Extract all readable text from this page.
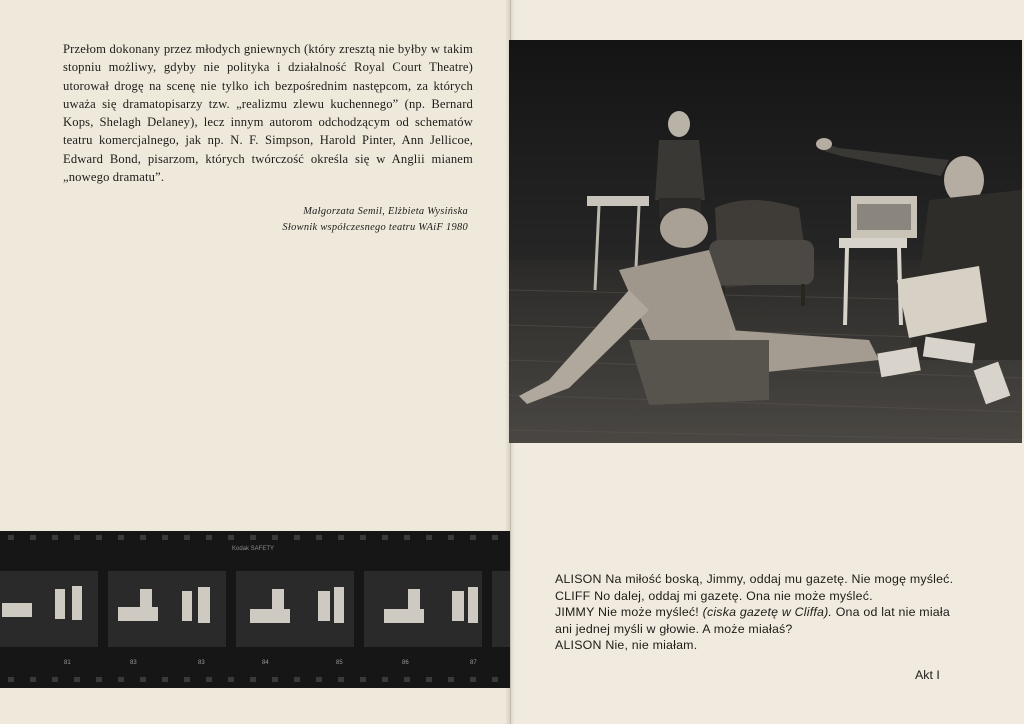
Przełom dokonany przez młodych gniewnych (który zresztą nie byłby w takim stopniu możliwy, gdyby nie polityka i działalność Royal Court Theatre) utorował drogę na scenę nie tylko ich bezpośrednim następcom, za których uważa się dramatopisarzy tzw. „realizmu zlewu kuchennego” (np. Bernard Kops, Shelagh Delaney), lecz innym autorom odchodzącym od schematów teatru komercjalnego, jak np. N. F. Simpson, Harold Pinter, Ann Jellicoe, Edward Bond, pisarzom, których twórczość określa się w Anglii mianem „nowego dramatu”.
Małgorzata Semil, Elżbieta Wysińska
Słownik współczesnego teatru WAiF 1980
Kodak SAFETY
81	83	83	84	85	86	87
ALISON Na miłość boską, Jimmy, oddaj mu gazetę. Nie mogę myśleć.
CLIFF No dalej, oddaj mi gazetę. Ona nie może myśleć.
JIMMY Nie może myśleć! (ciska gazetę w Cliffa). Ona od lat nie miała ani jednej myśli w głowie. A może miałaś?
ALISON Nie, nie miałam.
Akt I
